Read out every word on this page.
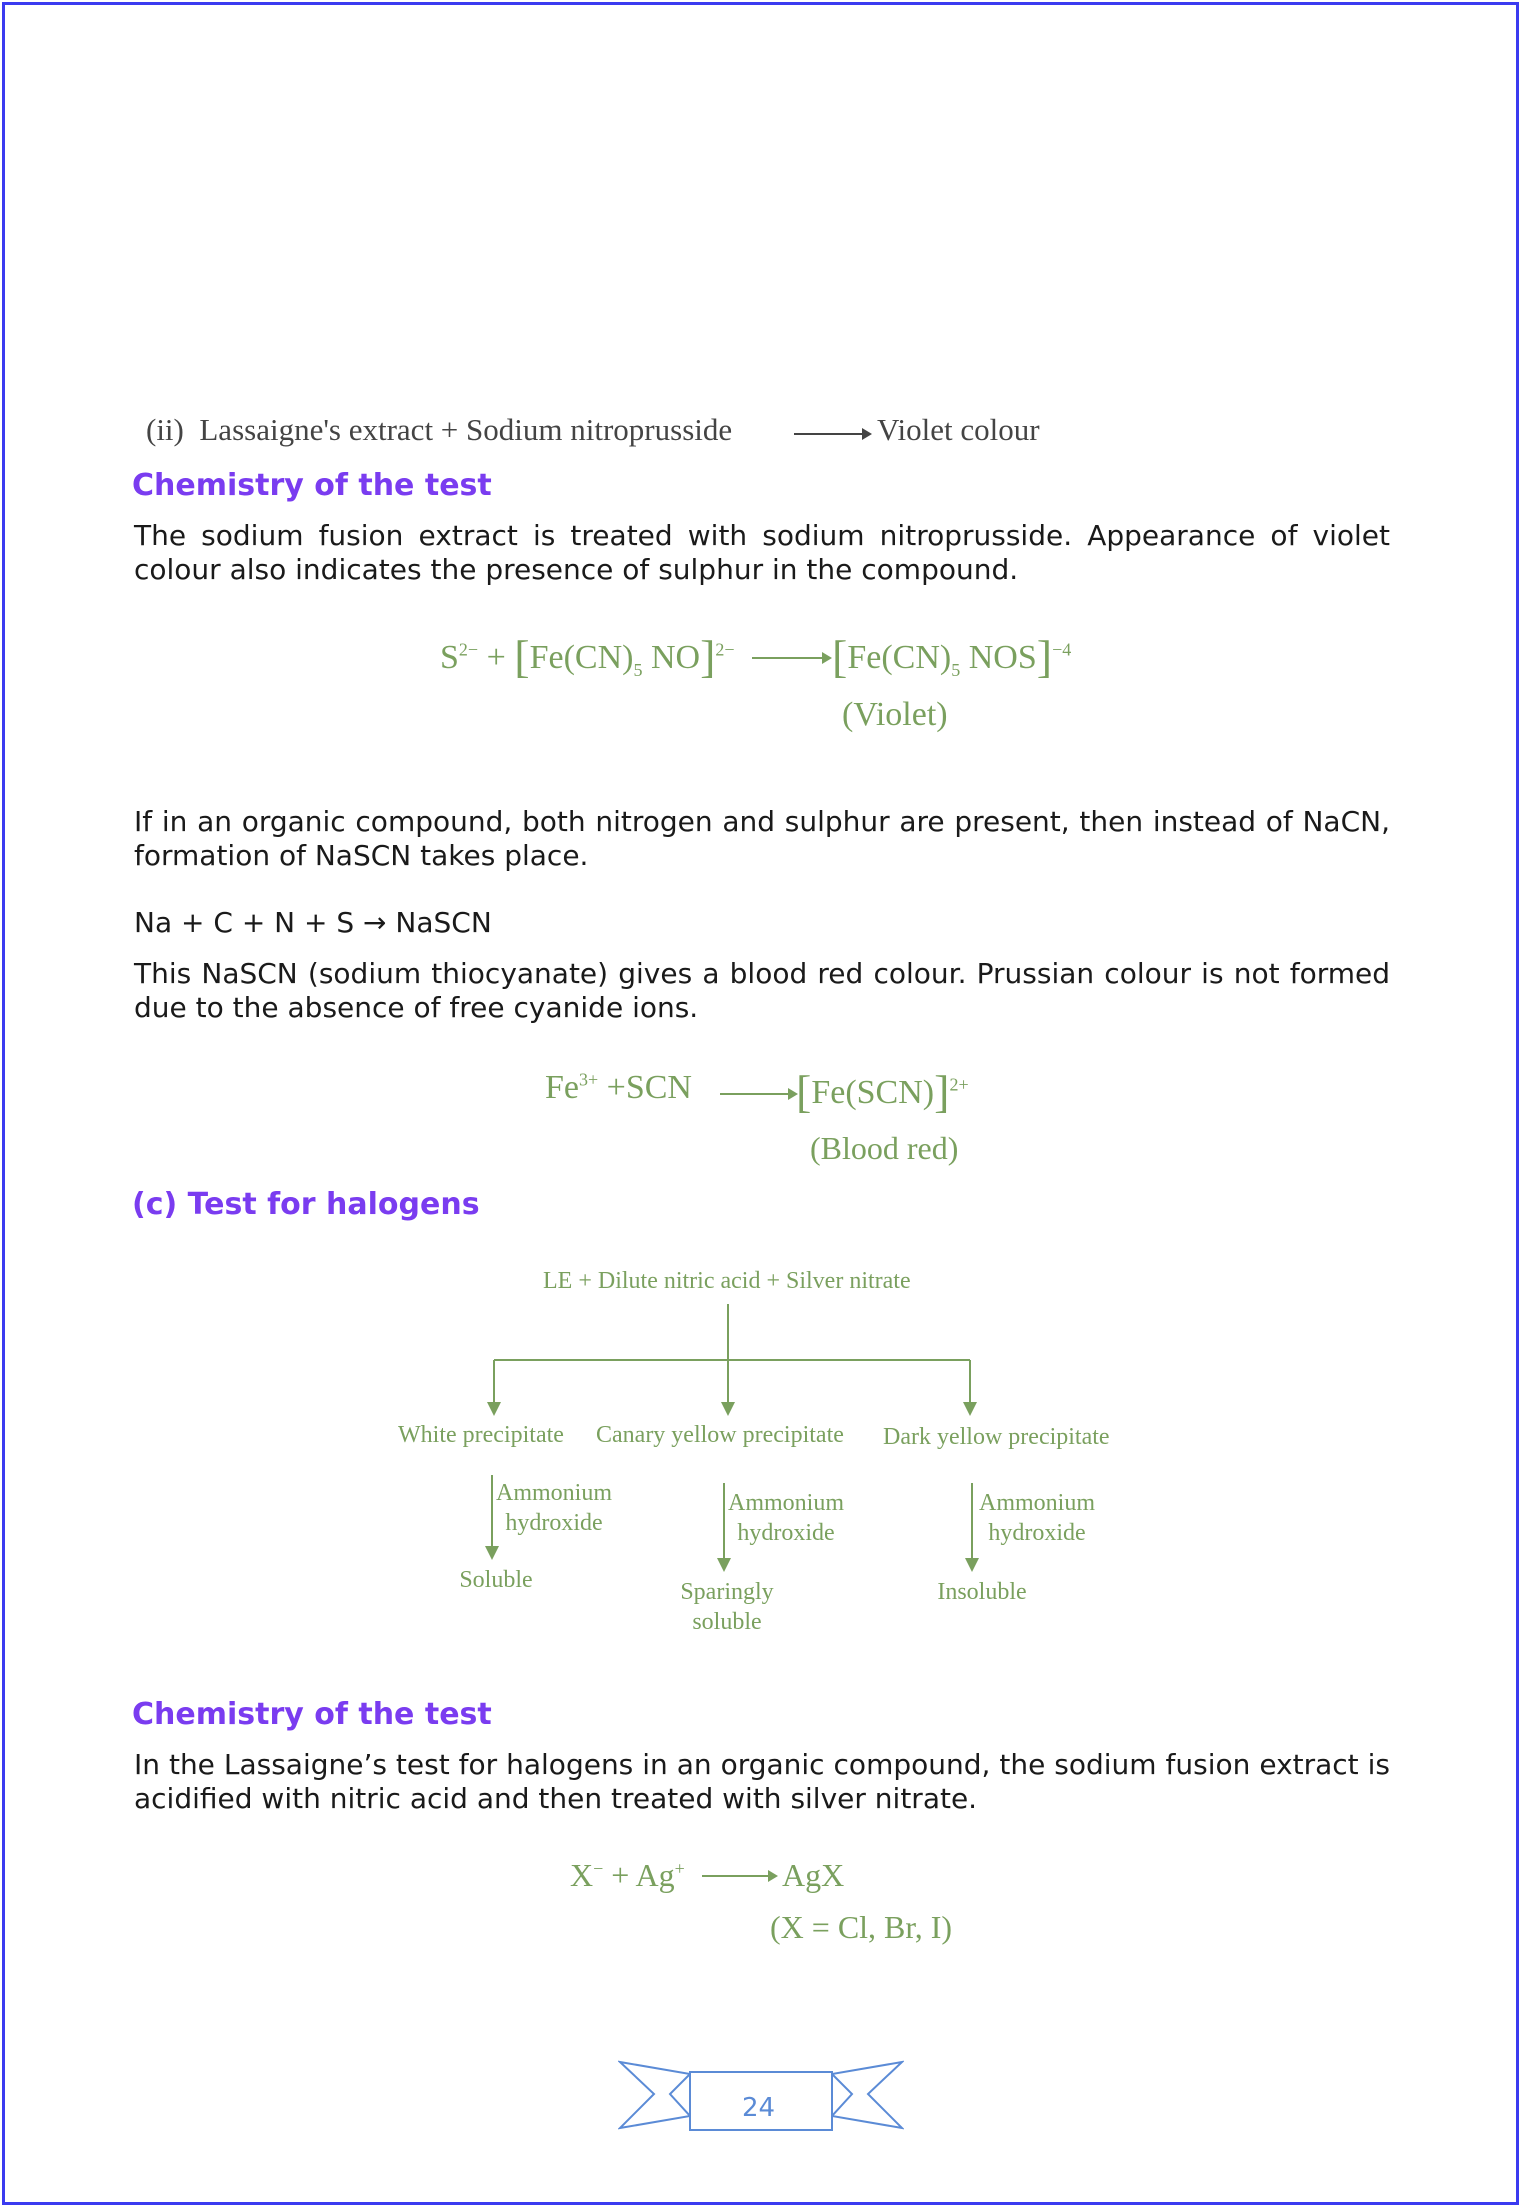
(ii) Lassaigne's extract + Sodium nitroprusside	Violet colour
Chemistry of the test
The sodium fusion extract is treated with sodium nitroprusside. Appearance of violet colour also indicates the presence of sulphur in the compound.
$S^{2-} + [Fe(CN)_5$ NO]$^{2-}$ [$Fe(CN)_5$ NOS]$^{-4}$
(Violet)
If in an organic compound, both nitrogen and sulphur are present, then instead of NaCN, formation of NaSCN takes place.
Na + C + N + S → NaSCN
This NaSCN (sodium thiocyanate) gives a blood red colour. Prussian colour is not formed due to the absence of free cyanide ions.
$Fe^{3+} +SCN$ $[Fe(SCN)]^{2+}$
(Blood red)
(c) Test for halogens
LE + Dilute nitric acid + Silver nitrate
White precipitate Canary yellow precipitate Dark yellow precipitate
Ammonium
hydroxide
Ammonium
hydroxide
Ammonium
hydroxide
Soluble	Sparingly
soluble
Insoluble
Chemistry of the test
In the Lassaigne’s test for halogens in an organic compound, the sodium fusion extract is acidified with nitric acid and then treated with silver nitrate.
X− + Ag+	AgX
(X = Cl, Br, I)
24
